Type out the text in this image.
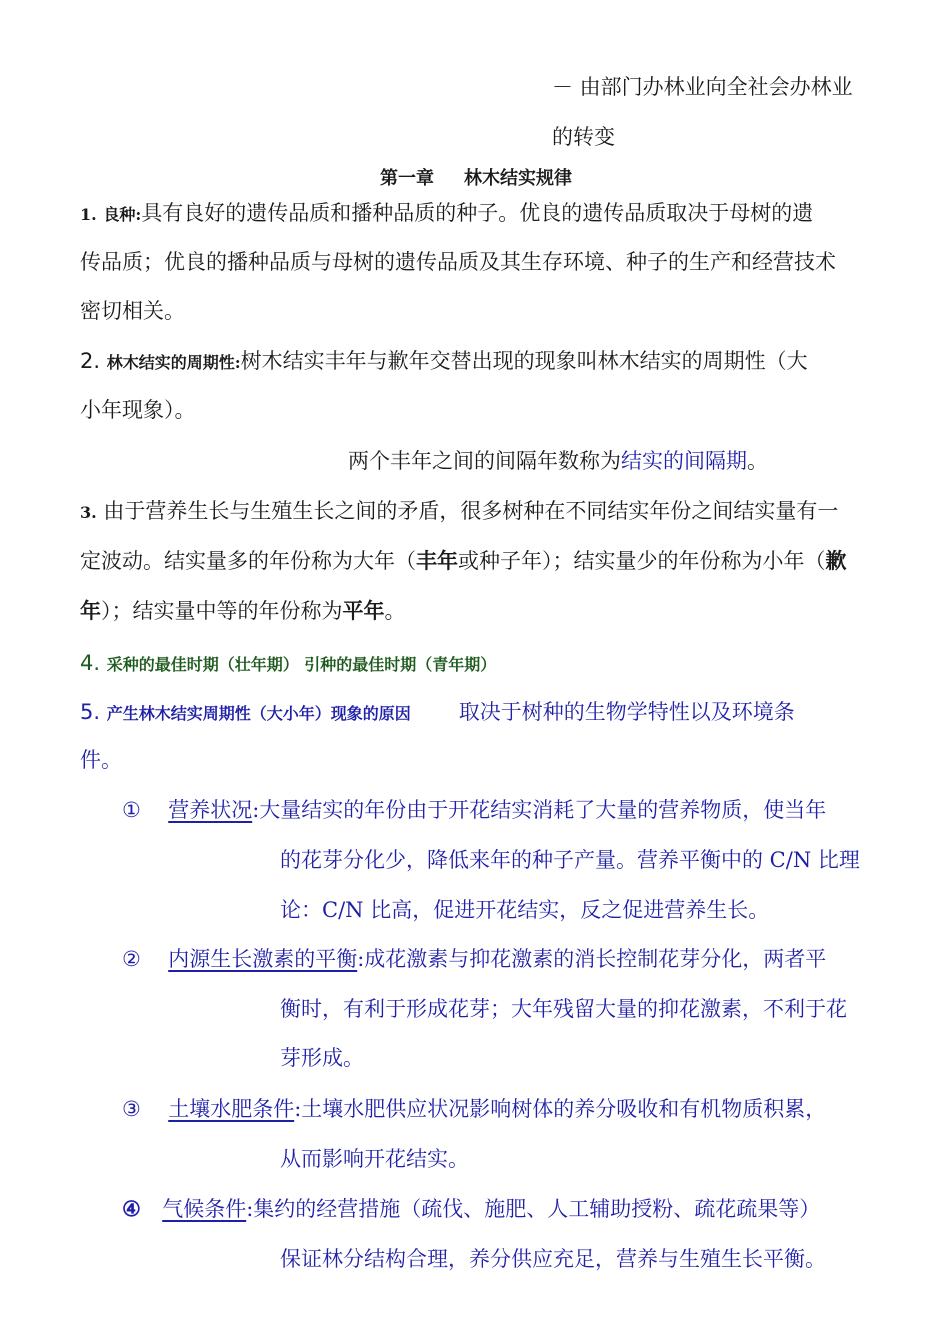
－ 由部门办林业向全社会办林业
的转变
第一章 林木结实规律
1. 良种:具有良好的遗传品质和播种品质的种子。优良的遗传品质取决于母树的遗
传品质；优良的播种品质与母树的遗传品质及其生存环境、种子的生产和经营技术
密切相关。
2. 林木结实的周期性:树木结实丰年与歉年交替出现的现象叫林木结实的周期性（大
小年现象）。
两个丰年之间的间隔年数称为结实的间隔期。
3. 由于营养生长与生殖生长之间的矛盾，很多树种在不同结实年份之间结实量有一
定波动。结实量多的年份称为大年（丰年或种子年）；结实量少的年份称为小年（歉
年）；结实量中等的年份称为平年。
4. 采种的最佳时期（壮年期） 引种的最佳时期（青年期）
5. 产生林木结实周期性（大小年）现象的原因 取决于树种的生物学特性以及环境条
件。
① 营养状况:大量结实的年份由于开花结实消耗了大量的营养物质，使当年
的花芽分化少，降低来年的种子产量。营养平衡中的 C/N 比理
论：C/N 比高，促进开花结实，反之促进营养生长。
② 内源生长激素的平衡:成花激素与抑花激素的消长控制花芽分化，两者平
衡时，有利于形成花芽；大年残留大量的抑花激素，不利于花
芽形成。
③ 土壤水肥条件:土壤水肥供应状况影响树体的养分吸收和有机物质积累，
从而影响开花结实。
④ 气候条件:集约的经营措施（疏伐、施肥、人工辅助授粉、疏花疏果等）
保证林分结构合理，养分供应充足，营养与生殖生长平衡。
